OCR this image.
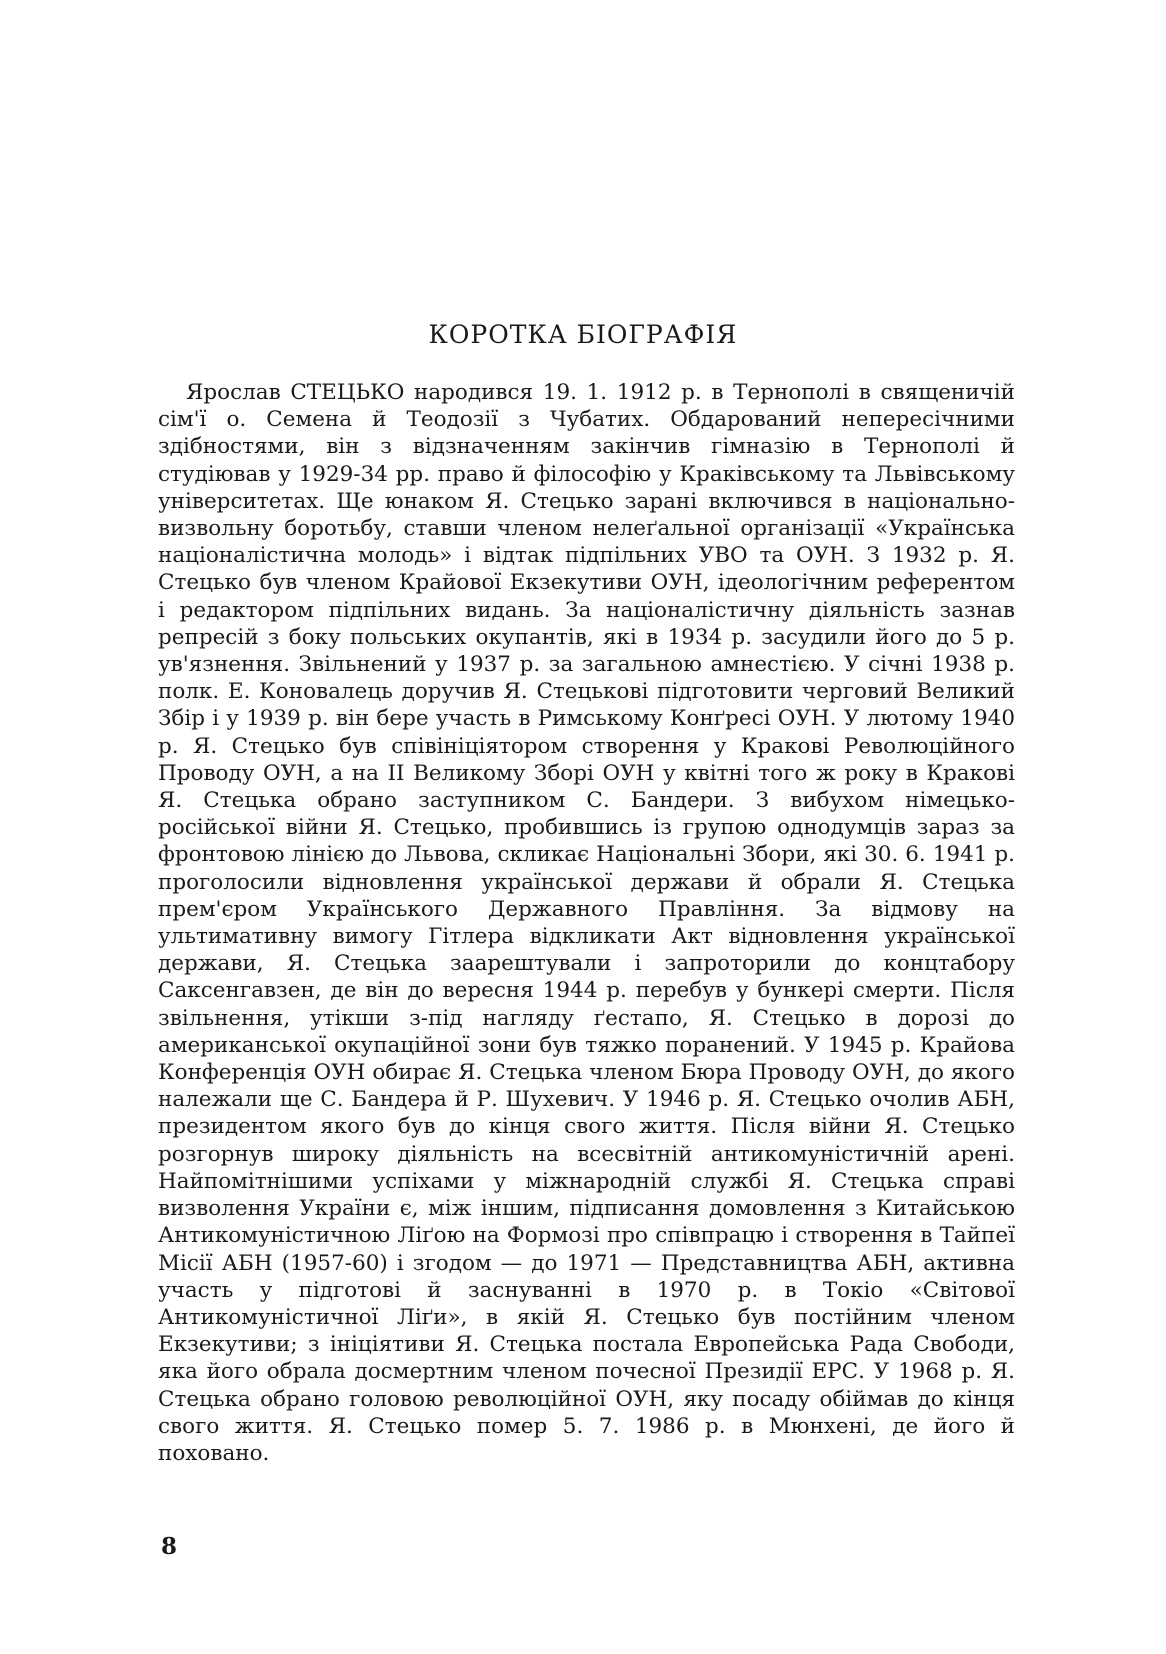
КОРОТКА БІОГРАФІЯ

Ярослав СТЕЦЬКО народився 19. 1. 1912 р. в Тернополі в священичій сім'ї о. Семена й Теодозії з Чубатих. Обдарований непересічними здібностями, він з відзначенням закінчив гімназію в Тернополі й студіював у 1929-34 рр. право й філософію у Краківському та Львівському університетах. Ще юнаком Я. Стецько зарані включився в національно-визвольну боротьбу, ставши членом нелеґальної організації «Українська націоналістична молодь» і відтак підпільних УВО та ОУН. З 1932 р. Я. Стецько був членом Крайової Екзекутиви ОУН, ідеологічним референтом і редактором підпільних видань. За націоналістичну діяльність зазнав репресій з боку польських окупантів, які в 1934 р. засудили його до 5 р. ув'язнення. Звільнений у 1937 р. за загальною амнестією. У січні 1938 р. полк. Е. Коновалець доручив Я. Стецькові підготовити черговий Великий Збір і у 1939 р. він бере участь в Римському Конґресі ОУН. У лютому 1940 р. Я. Стецько був співініціятором створення у Кракові Революційного Проводу ОУН, а на ІІ Великому Зборі ОУН у квітні того ж року в Кракові Я. Стецька обрано заступником С. Бандери. З вибухом німецько-російської війни Я. Стецько, пробившись із групою однодумців зараз за фронтовою лінією до Львова, скликає Національні Збори, які 30. 6. 1941 р. проголосили відновлення української держави й обрали Я. Стецька прем'єром Українського Державного Правління. За відмову на ультимативну вимогу Гітлера відкликати Акт відновлення української держави, Я. Стецька заарештували і запроторили до концтабору Саксенгавзен, де він до вересня 1944 р. перебув у бункері смерти. Після звільнення, утікши з-під нагляду ґестапо, Я. Стецько в дорозі до американської окупаційної зони був тяжко поранений. У 1945 р. Крайова Конференція ОУН обирає Я. Стецька членом Бюра Проводу ОУН, до якого належали ще С. Бандера й Р. Шухевич. У 1946 р. Я. Стецько очолив АБН, президентом якого був до кінця свого життя. Після війни Я. Стецько розгорнув широку діяльність на всесвітній антикомуністичній арені. Найпомітнішими успіхами у міжнародній службі Я. Стецька справі визволення України є, між іншим, підписання домовлення з Китайською Антикомуністичною Ліґою на Формозі про співпрацю і створення в Тайпеї Місії АБН (1957-60) і згодом — до 1971 — Представництва АБН, активна участь у підготові й заснуванні в 1970 р. в Токіо «Світової Антикомуністичної Ліґи», в якій Я. Стецько був постійним членом Екзекутиви; з ініціятиви Я. Стецька постала Европейська Рада Свободи, яка його обрала досмертним членом почесної Президії ЕРС. У 1968 р. Я. Стецька обрано головою революційної ОУН, яку посаду обіймав до кінця свого життя. Я. Стецько помер 5. 7. 1986 р. в Мюнхені, де його й поховано.

8
